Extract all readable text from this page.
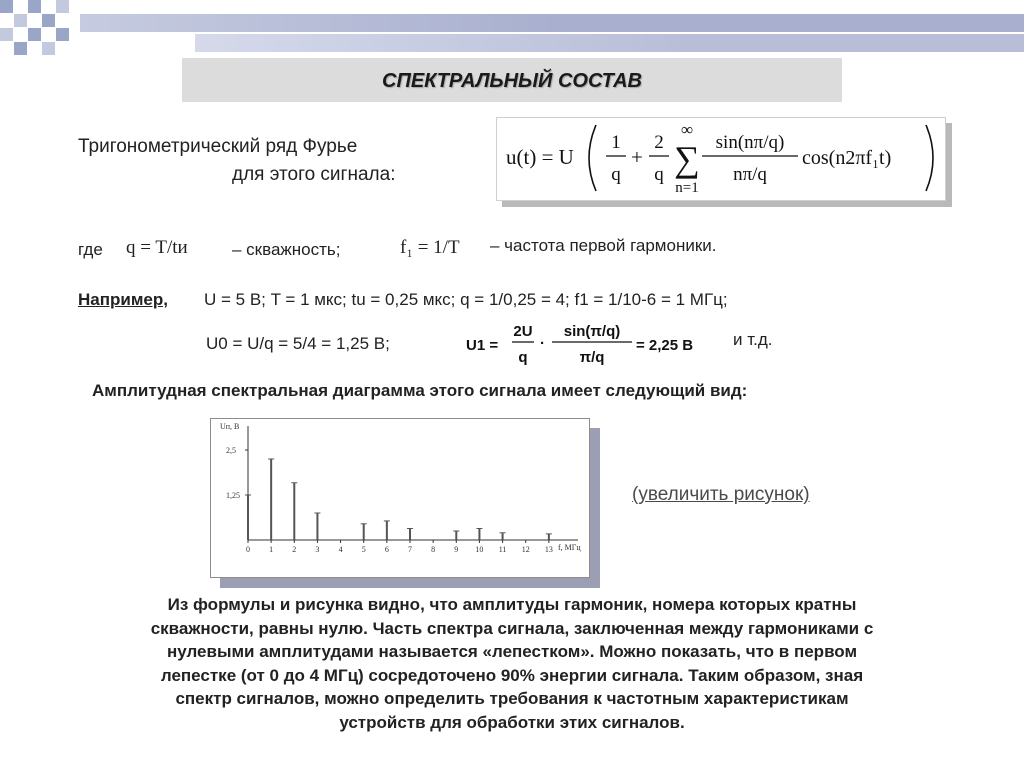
СПЕКТРАЛЬНЫЙ СОСТАВ
Тригонометрический ряд Фурье
для этого сигнала:
u(t) = U
1
q
+
2
q
∞
∑
n=1
sin(nπ/q)
nπ/q
cos(n2πf₁t)
где q = T/tи	– скважность;	f₁ = 1/T – частота первой гармоники.
Например, U = 5 В; T = 1 мкс; tu = 0,25 мкс; q = 1/0,25 = 4; f1 = 1/10-6 = 1 МГц;
U0 = U/q = 5/4 = 1,25 В;	U1 =
2U
q
·
sin(π/q)
π/q
= 2,25 В и т.д.
Амплитудная спектральная диаграмма этого сигнала имеет следующий вид:
Uп, В
f, МГц
1,25
2,5
0 1 2 3 4 5 6 7 8 9 10 11 12 13
(увеличить рисунок)
Из формулы и рисунка видно, что амплитуды гармоник, номера которых кратны
скважности, равны нулю. Часть спектра сигнала, заключенная между гармониками с
нулевыми амплитудами называется «лепестком». Можно показать, что в первом
лепестке (от 0 до 4 МГц) сосредоточено 90% энергии сигнала. Таким образом, зная
спектр сигналов, можно определить требования к частотным характеристикам
устройств для обработки этих сигналов.
